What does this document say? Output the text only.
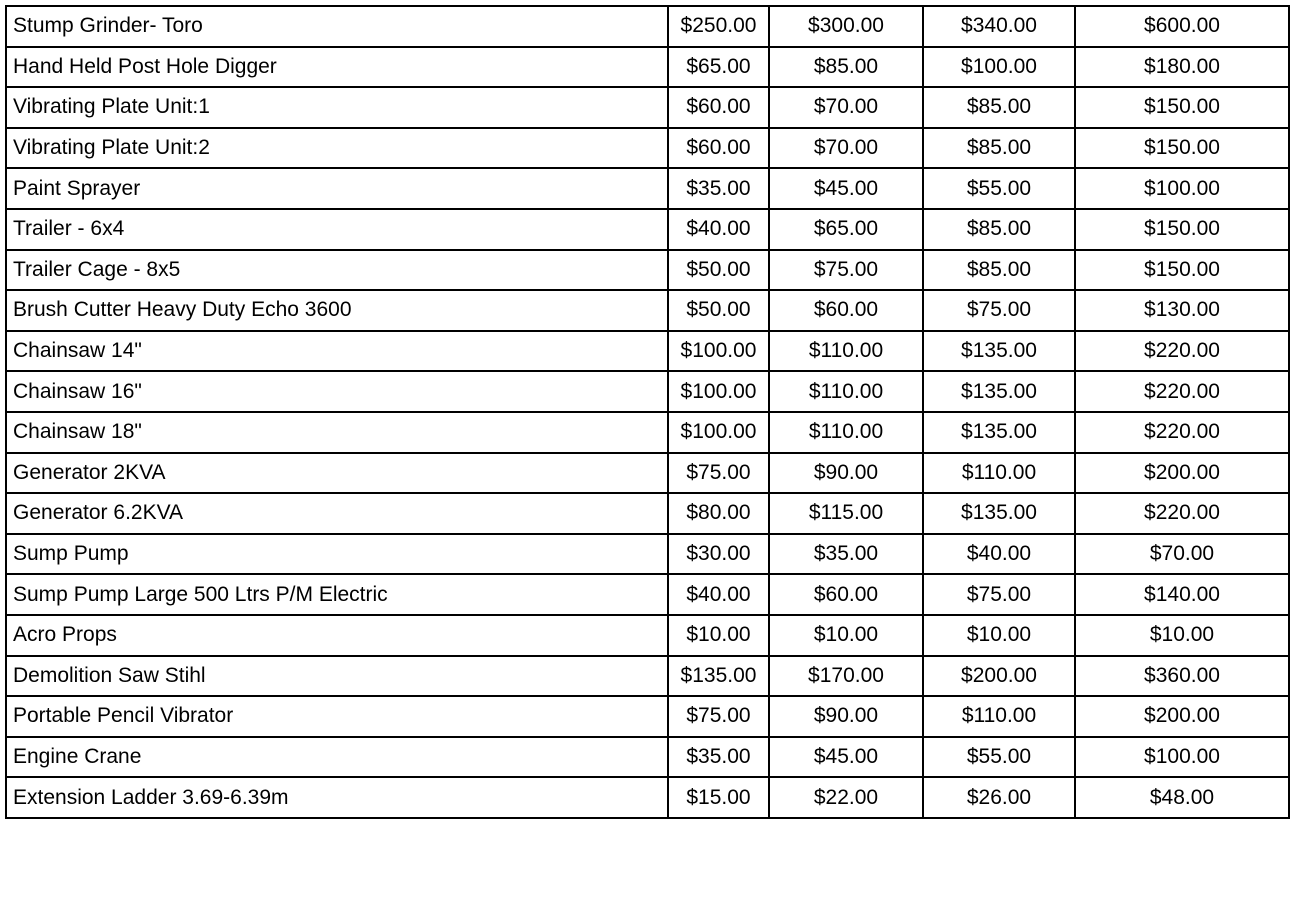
Stump Grinder- Toro	$250.00	$300.00	$340.00	$600.00
Hand Held Post Hole Digger	$65.00	$85.00	$100.00	$180.00
Vibrating Plate Unit:1	$60.00	$70.00	$85.00	$150.00
Vibrating Plate Unit:2	$60.00	$70.00	$85.00	$150.00
Paint Sprayer	$35.00	$45.00	$55.00	$100.00
Trailer - 6x4	$40.00	$65.00	$85.00	$150.00
Trailer Cage - 8x5	$50.00	$75.00	$85.00	$150.00
Brush Cutter Heavy Duty Echo 3600	$50.00	$60.00	$75.00	$130.00
Chainsaw 14"	$100.00	$110.00	$135.00	$220.00
Chainsaw 16"	$100.00	$110.00	$135.00	$220.00
Chainsaw 18"	$100.00	$110.00	$135.00	$220.00
Generator 2KVA	$75.00	$90.00	$110.00	$200.00
Generator 6.2KVA	$80.00	$115.00	$135.00	$220.00
Sump Pump	$30.00	$35.00	$40.00	$70.00
Sump Pump Large 500 Ltrs P/M Electric	$40.00	$60.00	$75.00	$140.00
Acro Props	$10.00	$10.00	$10.00	$10.00
Demolition Saw Stihl	$135.00	$170.00	$200.00	$360.00
Portable Pencil Vibrator	$75.00	$90.00	$110.00	$200.00
Engine Crane	$35.00	$45.00	$55.00	$100.00
Extension Ladder 3.69-6.39m	$15.00	$22.00	$26.00	$48.00
